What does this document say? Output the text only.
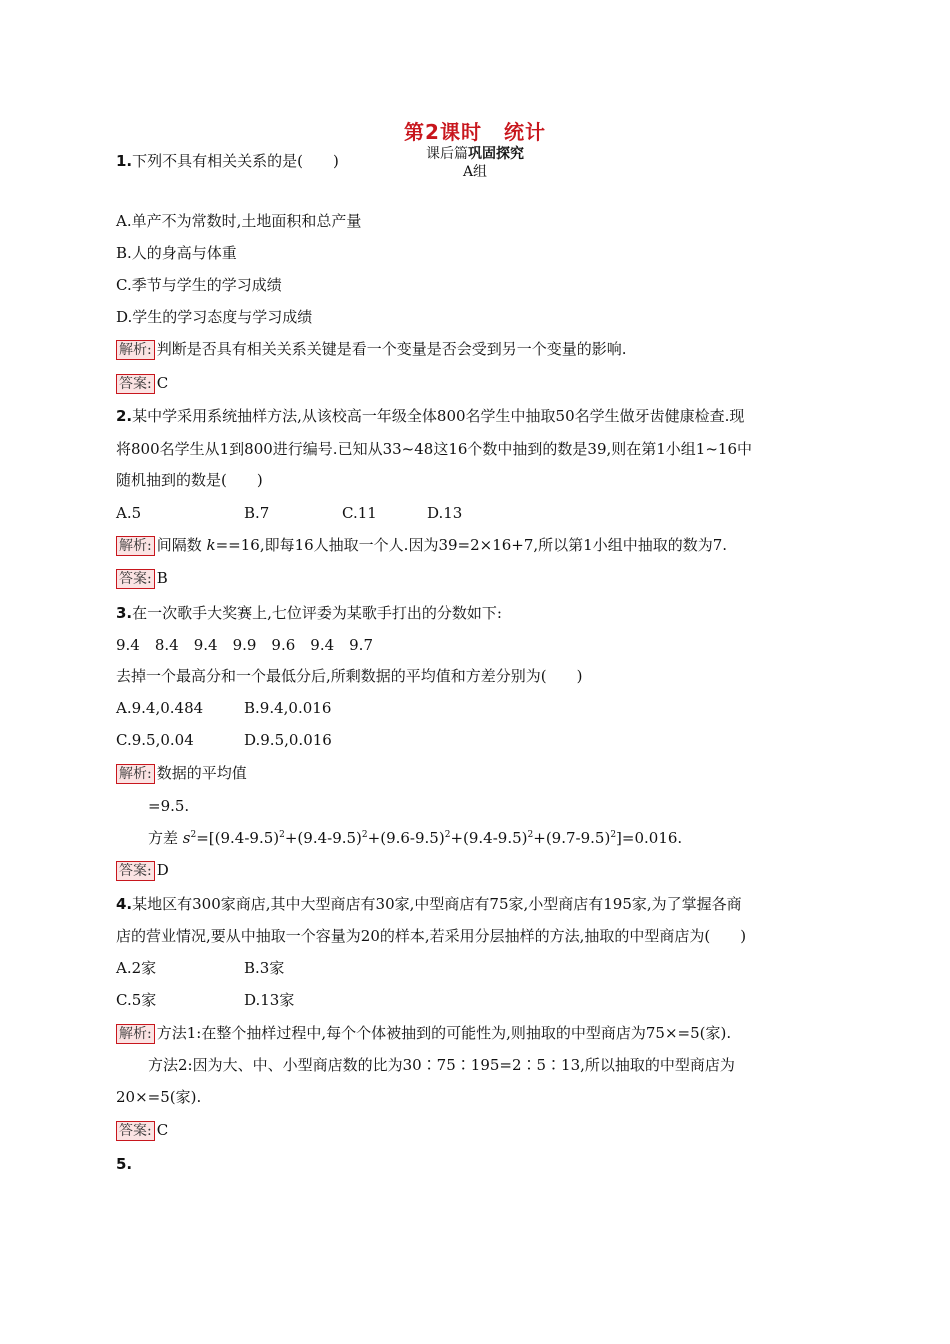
第2课时 统计
课后篇巩固探究
A组
1.下列不具有相关关系的是(　　)
A.单产不为常数时,土地面积和总产量
B.人的身高与体重
C.季节与学生的学习成绩
D.学生的学习态度与学习成绩
解析: 判断是否具有相关关系关键是看一个变量是否会受到另一个变量的影响.
答案: C
2.某中学采用系统抽样方法,从该校高一年级全体800名学生中抽取50名学生做牙齿健康检查.现
将800名学生从1到800进行编号.已知从33~48这16个数中抽到的数是39,则在第1小组1~16中
随机抽到的数是(　　)
A.5	B.7	C.11	D.13
解析: 间隔数 k==16,即每16人抽取一个人.因为39=2×16+7,所以第1小组中抽取的数为7.
答案: B
3.在一次歌手大奖赛上,七位评委为某歌手打出的分数如下:
9.4　8.4　9.4　9.9　9.6　9.4　9.7
去掉一个最高分和一个最低分后,所剩数据的平均值和方差分别为(　　)
A.9.4,0.484	B.9.4,0.016
C.9.5,0.04	D.9.5,0.016
解析: 数据的平均值
=9.5.
方差 $s^2=[(9.4-9.5)^2+(9.4-9.5)^2+(9.6-9.5)^2+(9.4-9.5)^2+(9.7-9.5)^2]=0.016$.
答案: D
4.某地区有300家商店,其中大型商店有30家,中型商店有75家,小型商店有195家,为了掌握各商
店的营业情况,要从中抽取一个容量为20的样本,若采用分层抽样的方法,抽取的中型商店为(　　)
A.2家	B.3家
C.5家	D.13家
解析: 方法1:在整个抽样过程中,每个个体被抽到的可能性为,则抽取的中型商店为75×=5(家).
方法2:因为大、中、小型商店数的比为30∶75∶195=2∶5∶13,所以抽取的中型商店为
20×=5(家).
答案: C
5.
